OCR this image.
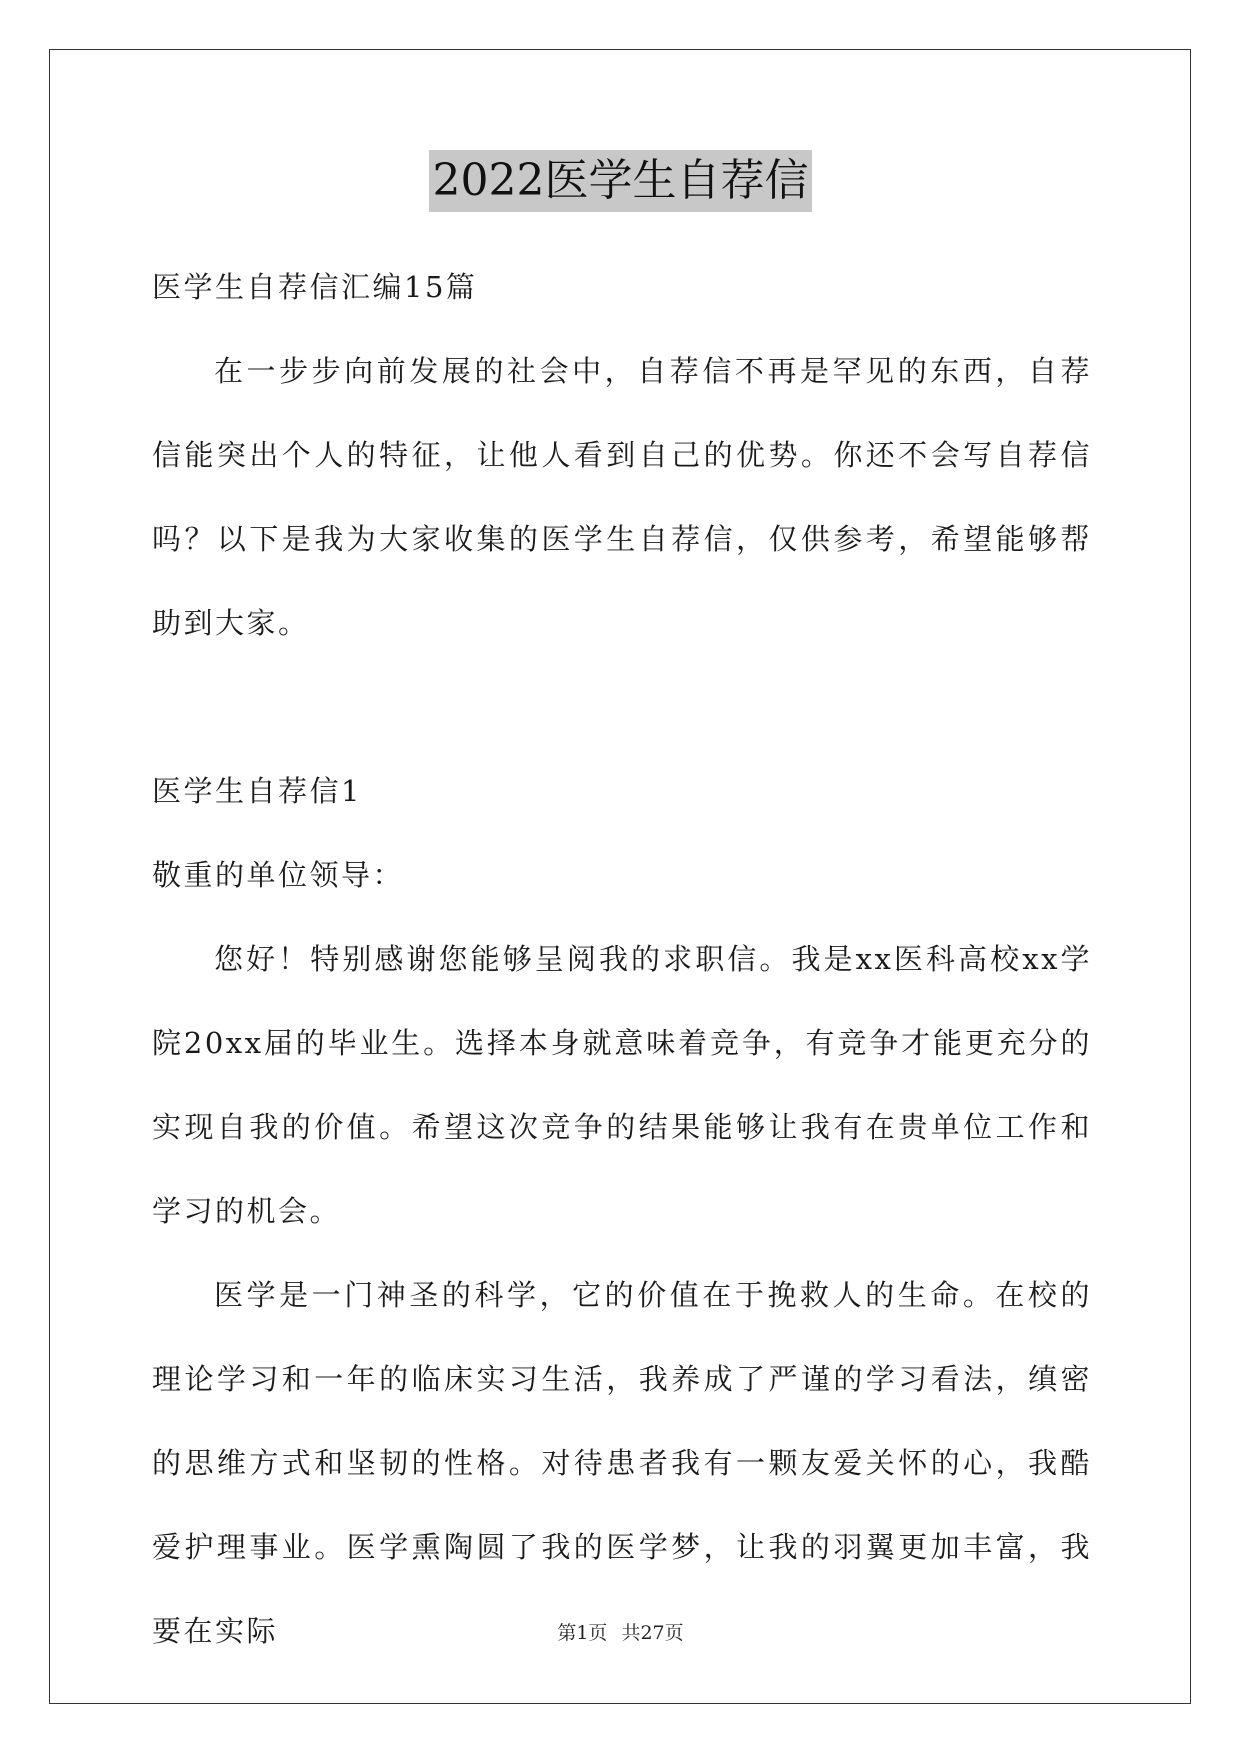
2022医学生自荐信

医学生自荐信汇编15篇

在一步步向前发展的社会中，自荐信不再是罕见的东西，自荐信能突出个人的特征，让他人看到自己的优势。你还不会写自荐信吗？以下是我为大家收集的医学生自荐信，仅供参考，希望能够帮助到大家。

医学生自荐信1

敬重的单位领导：

您好！特别感谢您能够呈阅我的求职信。我是xx医科高校xx学院20xx届的毕业生。选择本身就意味着竞争，有竞争才能更充分的实现自我的价值。希望这次竞争的结果能够让我有在贵单位工作和学习的机会。

医学是一门神圣的科学，它的价值在于挽救人的生命。在校的理论学习和一年的临床实习生活，我养成了严谨的学习看法，缜密的思维方式和坚韧的性格。对待患者我有一颗友爱关怀的心，我酷爱护理事业。医学熏陶圆了我的医学梦，让我的羽翼更加丰富，我要在实际	第1页 共27页
